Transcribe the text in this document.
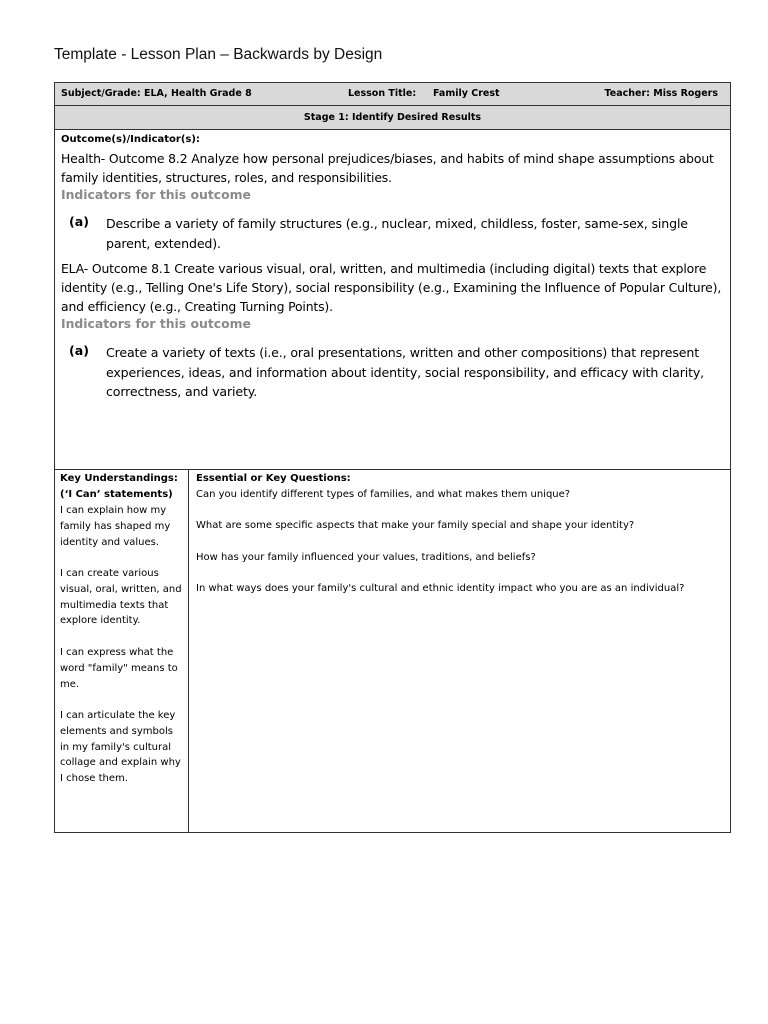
Template - Lesson Plan – Backwards by Design
Subject/Grade: ELA, Health Grade 8	Lesson Title: Family Crest	Teacher: Miss Rogers
Stage 1: Identify Desired Results
Outcome(s)/Indicator(s):
Health- Outcome 8.2 Analyze how personal prejudices/biases, and habits of mind shape assumptions about family identities, structures, roles, and responsibilities.
Indicators for this outcome
(a) Describe a variety of family structures (e.g., nuclear, mixed, childless, foster, same-sex, single parent, extended).
ELA- Outcome 8.1 Create various visual, oral, written, and multimedia (including digital) texts that explore identity (e.g., Telling One's Life Story), social responsibility (e.g., Examining the Influence of Popular Culture), and efficiency (e.g., Creating Turning Points).
Indicators for this outcome
(a) Create a variety of texts (i.e., oral presentations, written and other compositions) that represent experiences, ideas, and information about identity, social responsibility, and efficacy with clarity, correctness, and variety.
Key Understandings: (‘I Can’ statements)
I can explain how my family has shaped my identity and values.
I can create various visual, oral, written, and multimedia texts that explore identity.
I can express what the word "family" means to me.
I can articulate the key elements and symbols in my family's cultural collage and explain why I chose them.
Essential or Key Questions:
Can you identify different types of families, and what makes them unique?
What are some specific aspects that make your family special and shape your identity?
How has your family influenced your values, traditions, and beliefs?
In what ways does your family's cultural and ethnic identity impact who you are as an individual?
